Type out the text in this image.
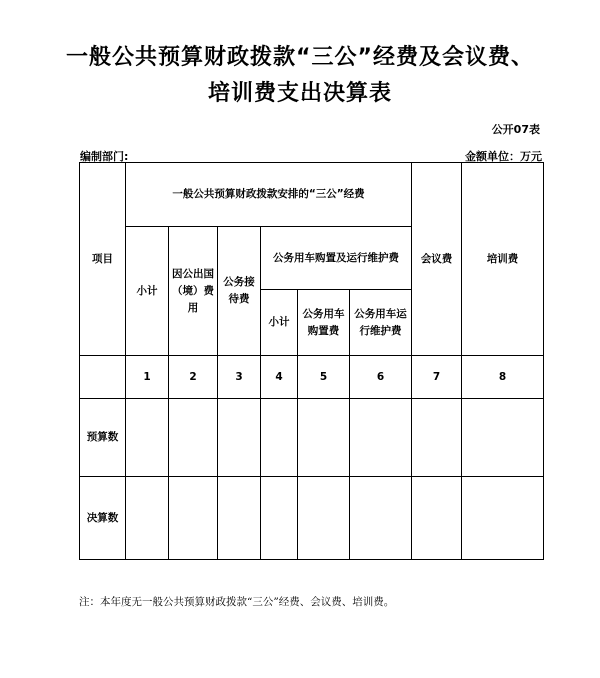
一般公共预算财政拨款“三公”经费及会议费、
培训费支出决算表
公开07表
编制部门:	金额单位：万元
项目	一般公共预算财政拨款安排的“三公”经费						会议费	培训费
	小计	因公出国（境）费用	公务接待费	公务用车购置及运行维护费				
				小计	公务用车购置费	公务用车运行维护费		
	1	2	3	4	5	6	7	8
预算数								
决算数								
注：本年度无一般公共预算财政拨款“三公”经费、会议费、培训费。
